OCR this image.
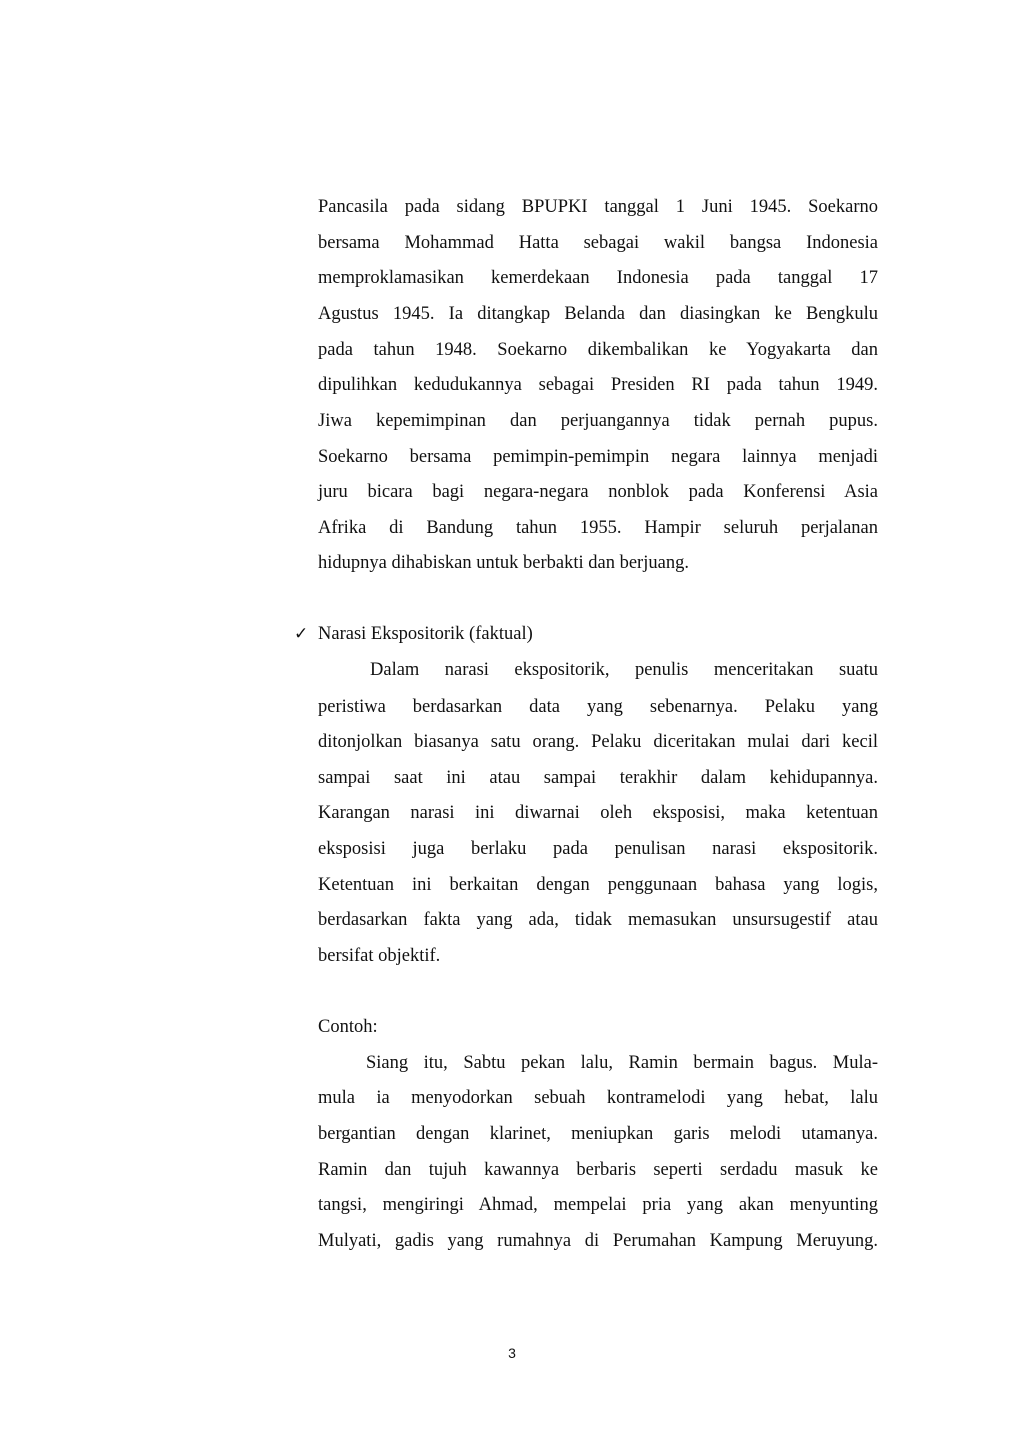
Pancasila pada sidang BPUPKI tanggal 1 Juni 1945. Soekarno
bersama Mohammad Hatta sebagai wakil bangsa Indonesia
memproklamasikan kemerdekaan Indonesia pada tanggal 17
Agustus 1945. Ia ditangkap Belanda dan diasingkan ke Bengkulu
pada tahun 1948. Soekarno dikembalikan ke Yogyakarta dan
dipulihkan kedudukannya sebagai Presiden RI pada tahun 1949.
Jiwa kepemimpinan dan perjuangannya tidak pernah pupus.
Soekarno bersama pemimpin-pemimpin negara lainnya menjadi
juru bicara bagi negara-negara nonblok pada Konferensi Asia
Afrika di Bandung tahun 1955. Hampir seluruh perjalanan
hidupnya dihabiskan untuk berbakti dan berjuang.
✓ Narasi Ekspositorik (faktual)
Dalam narasi ekspositorik, penulis menceritakan suatu
peristiwa berdasarkan data yang sebenarnya. Pelaku yang
ditonjolkan biasanya satu orang. Pelaku diceritakan mulai dari kecil
sampai saat ini atau sampai terakhir dalam kehidupannya.
Karangan narasi ini diwarnai oleh eksposisi, maka ketentuan
eksposisi juga berlaku pada penulisan narasi ekspositorik.
Ketentuan ini berkaitan dengan penggunaan bahasa yang logis,
berdasarkan fakta yang ada, tidak memasukan unsursugestif atau
bersifat objektif.
Contoh:
Siang itu, Sabtu pekan lalu, Ramin bermain bagus. Mula-
mula ia menyodorkan sebuah kontramelodi yang hebat, lalu
bergantian dengan klarinet, meniupkan garis melodi utamanya.
Ramin dan tujuh kawannya berbaris seperti serdadu masuk ke
tangsi, mengiringi Ahmad, mempelai pria yang akan menyunting
Mulyati, gadis yang rumahnya di Perumahan Kampung Meruyung.
3
